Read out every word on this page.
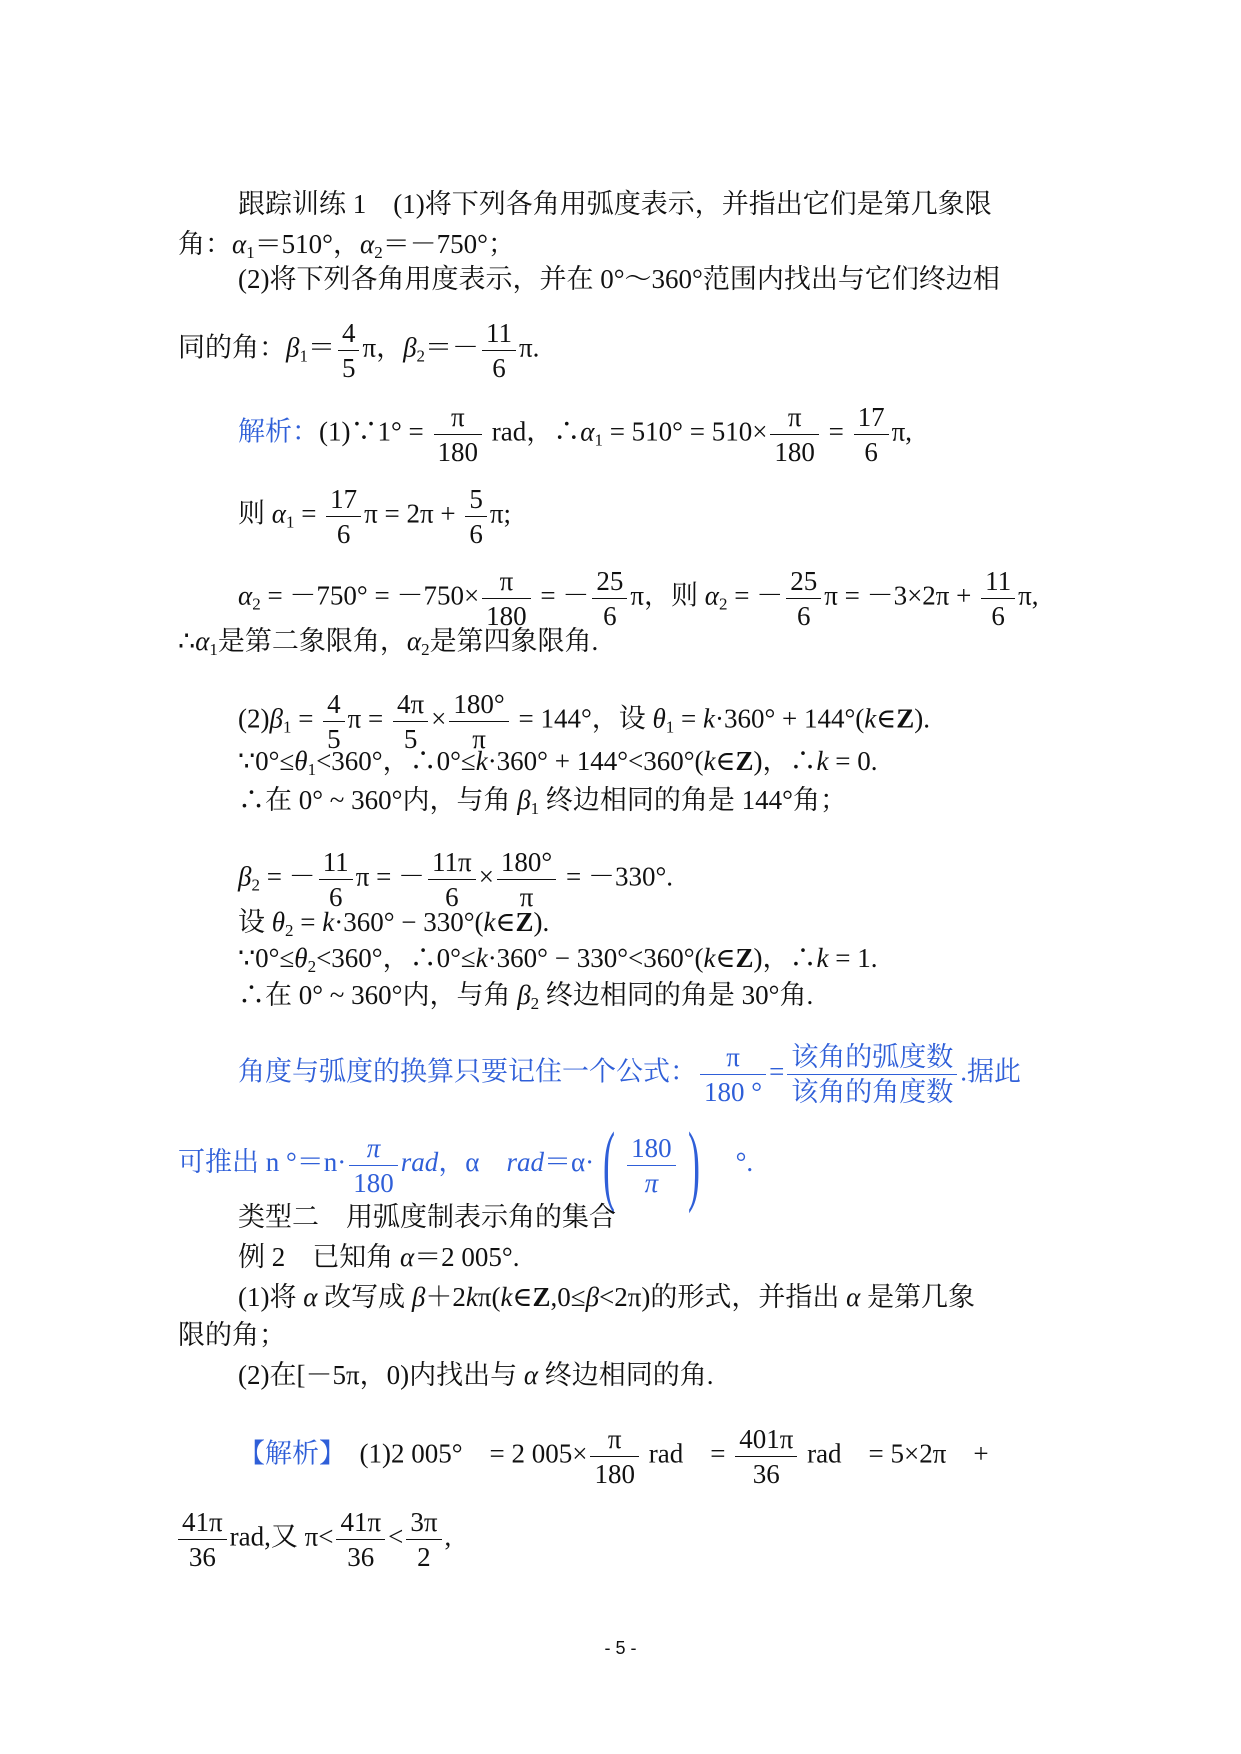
跟踪训练 1　(1)将下列各角用弧度表示，并指出它们是第几象限
角：$\alpha_1=510^\circ$，$\alpha_2=-750^\circ$；
(2)将下列各角用度表示，并在 0°～360°范围内找出与它们终边相
同的角：$\beta_1= \frac{4}{5}$ π，$\beta_2=- \frac{11}{6} \pi$.
解析：(1)∵1° = $\frac{\pi}{180}$ rad，$\therefore\alpha_1 = 510^\circ = 510\times \frac{\pi}{180} = \frac{17}{6} \pi$,
则 $\alpha_1 = \frac{17}{6}$ $\pi = 2\pi + \frac{5}{6} \pi$;
$\alpha_2 = -750^\circ = -750\times \frac{\pi}{180}$ = － $\frac{25}{6}$ π，则 $\alpha_2$ = － $\frac{25}{6}$ $\pi = -3\times 2\pi + \frac{11}{6} \pi$,
$\therefore\alpha_1$是第二象限角，$\alpha_2$是第四象限角.
$(2)\beta_1 = \frac{4}{5}$ $\pi = \frac{4\pi}{5} \times \frac{180^\circ}{\pi} = 144^\circ$，设 $\theta_1 = k\cdot 360^\circ$ + 144°(k∈Z).
$\because 0^\circ\le\theta_1<360^\circ$，∴0°≤k·360° + 144°<360°(k∈Z)，∴k = 0.
∴在 0° ~ 360°内，与角 $\beta_1$ 终边相同的角是 144°角；
$\beta_2$ = － $\frac{11}{6}$ π = － $\frac{11\pi}{6} \times \frac{180^\circ}{\pi} = -330^\circ$.
设 $\theta_2 = k\cdot 360^\circ$ − 330°(k∈Z).
$\because 0^\circ\le\theta_2<360^\circ$，∴0°≤k·360° − 330°<360°(k∈Z)，∴k = 1.
∴在 0° ~ 360°内，与角 $\beta_2$ 终边相同的角是 30°角.
角度与弧度的换算只要记住一个公式： $\frac{\pi}{180 ^\circ}$ = 该角的弧度数
该角的角度数
.据此
可推出 n $^\circ=n\cdot \frac{\pi}{180}$ rad，α　$rad=\alpha\cdot( \frac{180}{\pi}$ )　°.
类型二　用弧度制表示角的集合
例 2　已知角 α＝2 005°.
(1)将 α 改写成 β＋2kπ(k∈Z,0≤β<2π)的形式，并指出 α 是第几象
限的角；
(2)在[－5π，0)内找出与 α 终边相同的角.
【解析】　(1)2 005°　= 2 $005\times \frac{\pi}{180}$ rad　= $\frac{401\pi}{36}$ rad　= 5×2π　+
$\frac{41\pi}{36}$ rad,又 $\pi< \frac{41\pi}{36} < \frac{3\pi}{2}$ ,
- 5 -
